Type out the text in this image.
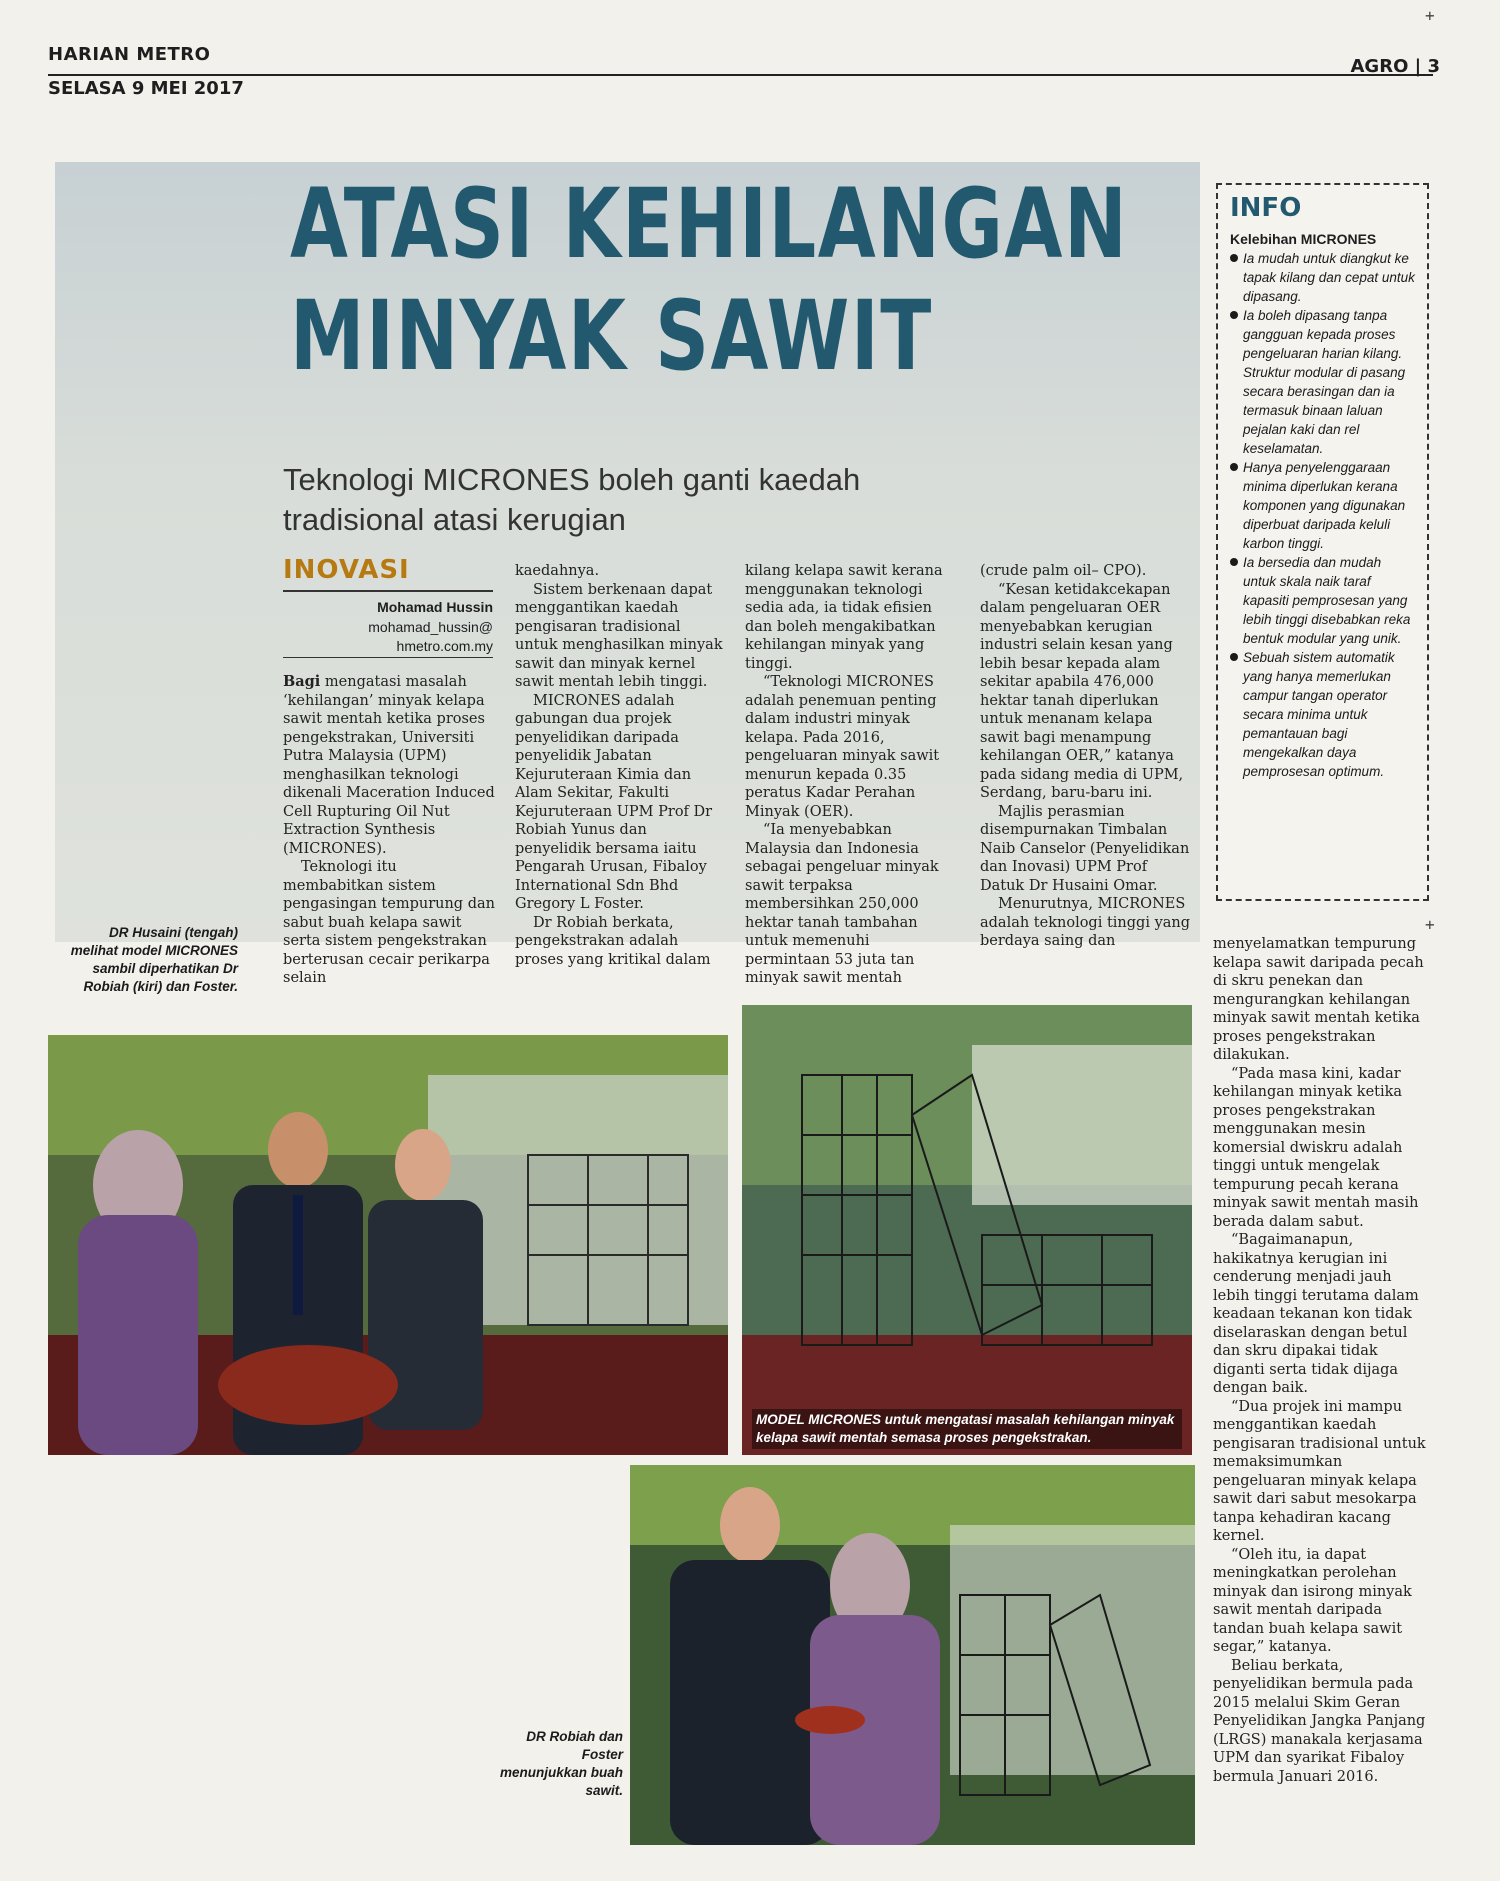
HARIAN METRO
SELASA 9 MEI 2017
AGRO | 3
+
+
ATASI KEHILANGAN
MINYAK SAWIT
Teknologi MICRONES boleh ganti kaedah tradisional atasi kerugian
INFO
Kelebihan MICRONES
Ia mudah untuk diangkut ke tapak kilang dan cepat untuk dipasang.
Ia boleh dipasang tanpa gangguan kepada proses pengeluaran harian kilang. Struktur modular di pasang secara berasingan dan ia termasuk binaan laluan pejalan kaki dan rel keselamatan.
Hanya penyelenggaraan minima diperlukan kerana komponen yang digunakan diperbuat daripada keluli karbon tinggi.
Ia bersedia dan mudah untuk skala naik taraf kapasiti pemprosesan yang lebih tinggi disebabkan reka bentuk modular yang unik.
Sebuah sistem automatik yang hanya memerlukan campur tangan operator secara minima untuk pemantauan bagi mengekalkan daya pemprosesan optimum.
INOVASI
Mohamad Hussin
mohamad_hussin@
hmetro.com.my

Bagi mengatasi masalah ‘kehilangan’ minyak kelapa sawit mentah ketika proses pengekstrakan, Universiti Putra Malaysia (UPM) menghasilkan teknologi dikenali Maceration Induced Cell Rupturing Oil Nut Extraction Synthesis (MICRONES).

Teknologi itu membabitkan sistem pengasingan tempurung dan sabut buah kelapa sawit serta sistem pengekstrakan berterusan cecair perikarpa selain

kaedahnya.

Sistem berkenaan dapat menggantikan kaedah pengisaran tradisional untuk menghasilkan minyak sawit dan minyak kernel sawit mentah lebih tinggi.

MICRONES adalah gabungan dua projek penyelidikan daripada penyelidik Jabatan Kejuruteraan Kimia dan Alam Sekitar, Fakulti Kejuruteraan UPM Prof Dr Robiah Yunus dan penyelidik bersama iaitu Pengarah Urusan, Fibaloy International Sdn Bhd Gregory L Foster.

Dr Robiah berkata, pengekstrakan adalah proses yang kritikal dalam

kilang kelapa sawit kerana menggunakan teknologi sedia ada, ia tidak efisien dan boleh mengakibatkan kehilangan minyak yang tinggi.

“Teknologi MICRONES adalah penemuan penting dalam industri minyak kelapa. Pada 2016, pengeluaran minyak sawit menurun kepada 0.35 peratus Kadar Perahan Minyak (OER).

“Ia menyebabkan Malaysia dan Indonesia sebagai pengeluar minyak sawit terpaksa membersihkan 250,000 hektar tanah tambahan untuk memenuhi permintaan 53 juta tan minyak sawit mentah

(crude palm oil– CPO).

“Kesan ketidakcekapan dalam pengeluaran OER menyebabkan kerugian industri selain kesan yang lebih besar kepada alam sekitar apabila 476,000 hektar tanah diperlukan untuk menanam kelapa sawit bagi menampung kehilangan OER,” katanya pada sidang media di UPM, Serdang, baru-baru ini.

Majlis perasmian disempurnakan Timbalan Naib Canselor (Penyelidikan dan Inovasi) UPM Prof Datuk Dr Husaini Omar.

Menurutnya, MICRONES adalah teknologi tinggi yang berdaya saing dan	menyelamatkan tempurung kelapa sawit daripada pecah di skru penekan dan mengurangkan kehilangan minyak sawit mentah ketika proses pengekstrakan dilakukan.

“Pada masa kini, kadar kehilangan minyak ketika proses pengekstrakan menggunakan mesin komersial dwiskru adalah tinggi untuk mengelak tempurung pecah kerana minyak sawit mentah masih berada dalam sabut.

“Bagaimanapun, hakikatnya kerugian ini cenderung menjadi jauh lebih tinggi terutama dalam keadaan tekanan kon tidak diselaraskan dengan betul dan skru dipakai tidak diganti serta tidak dijaga dengan baik.

“Dua projek ini mampu menggantikan kaedah pengisaran tradisional untuk memaksimumkan pengeluaran minyak kelapa sawit dari sabut mesokarpa tanpa kehadiran kacang kernel.

“Oleh itu, ia dapat meningkatkan perolehan minyak dan isirong minyak sawit mentah daripada tandan buah kelapa sawit segar,” katanya.

Beliau berkata, penyelidikan bermula pada 2015 melalui Skim Geran Penyelidikan Jangka Panjang (LRGS) manakala kerjasama UPM dan syarikat Fibaloy bermula Januari 2016.

DR Husaini (tengah) melihat model MICRONES sambil diperhatikan Dr Robiah (kiri) dan Foster.
MODEL MICRONES untuk mengatasi masalah kehilangan minyak kelapa sawit mentah semasa proses pengekstrakan.
DR Robiah dan Foster menunjukkan buah sawit.
